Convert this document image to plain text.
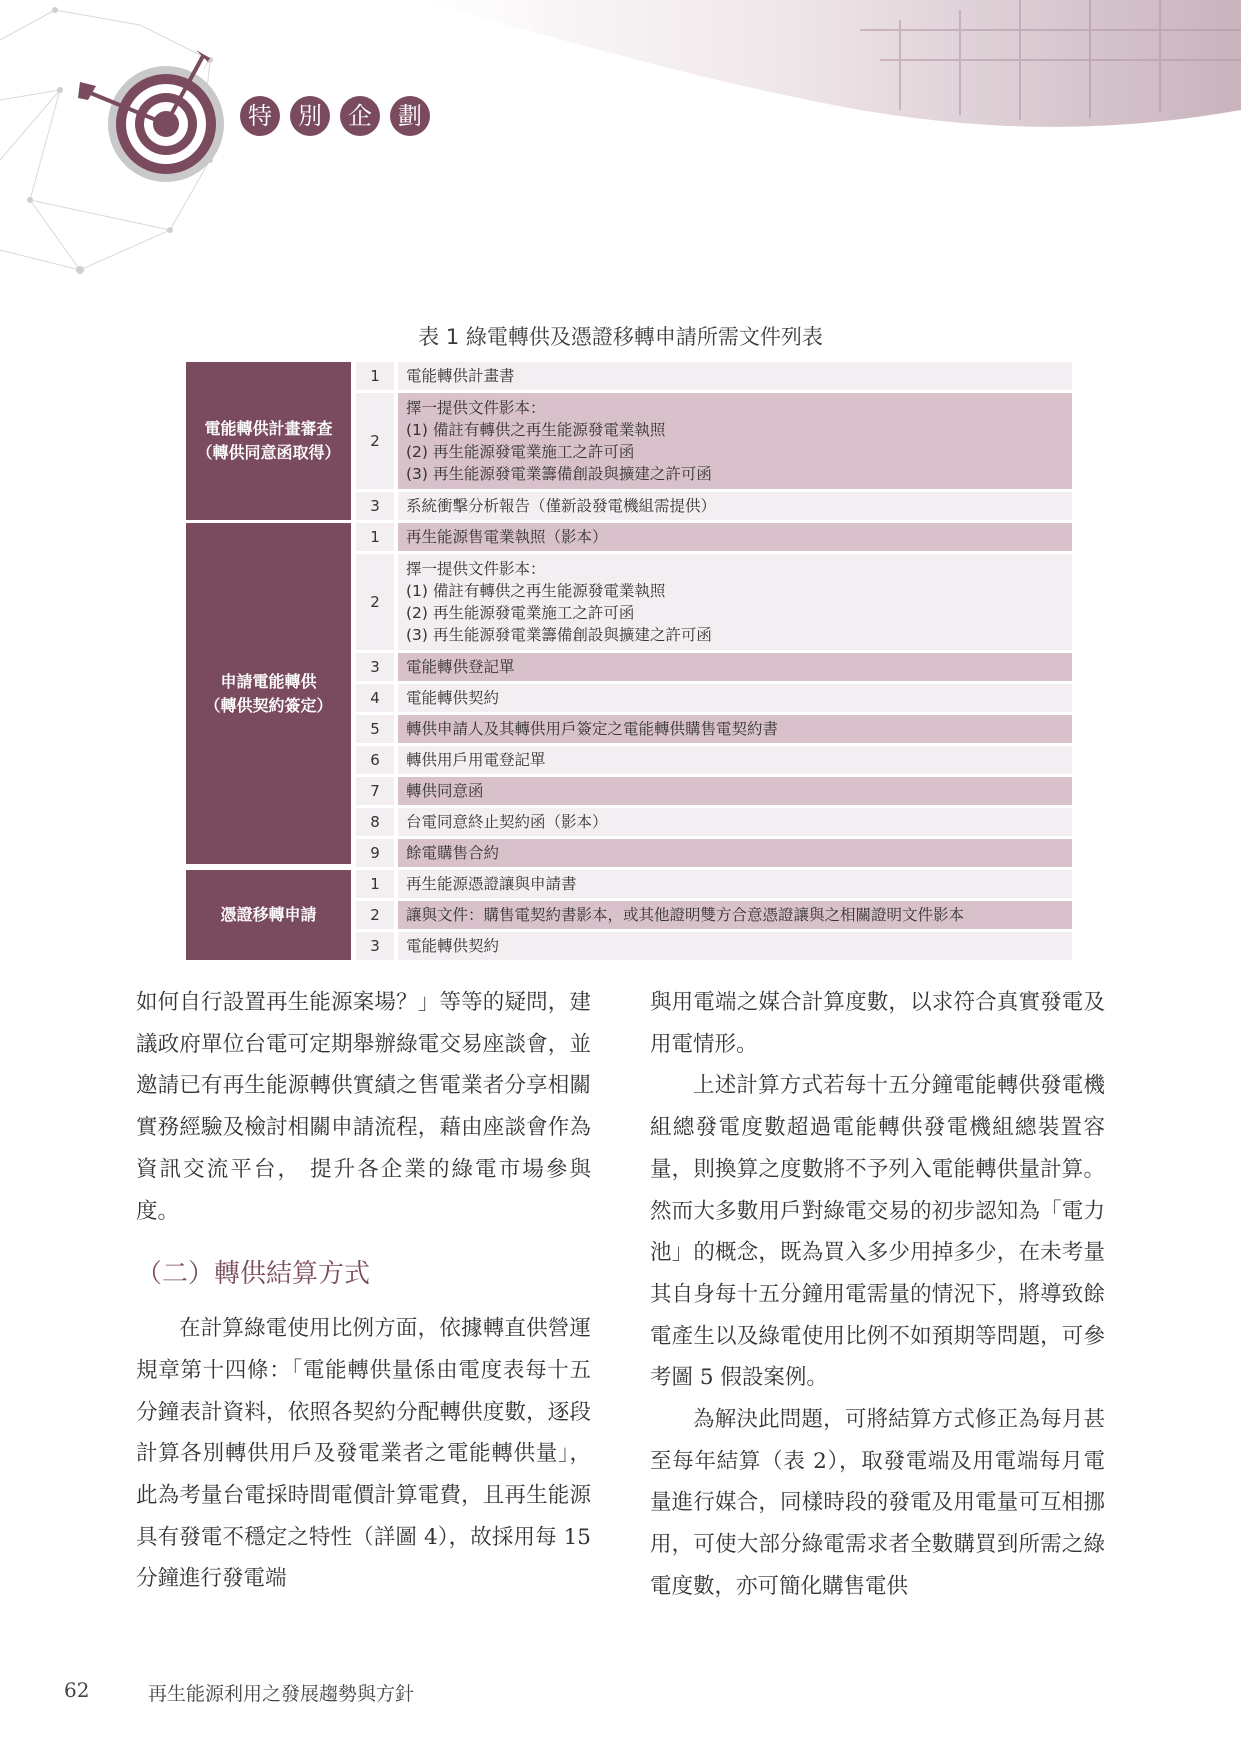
特	別	企	劃
表 1 綠電轉供及憑證移轉申請所需文件列表
電能轉供計畫審查
（轉供同意函取得）
1	電能轉供計畫書
2
擇一提供文件影本：
(1) 備註有轉供之再生能源發電業執照
(2) 再生能源發電業施工之許可函
(3) 再生能源發電業籌備創設與擴建之許可函
3	系統衝擊分析報告（僅新設發電機組需提供）
申請電能轉供
（轉供契約簽定）
1	再生能源售電業執照（影本）
2
擇一提供文件影本：
(1) 備註有轉供之再生能源發電業執照
(2) 再生能源發電業施工之許可函
(3) 再生能源發電業籌備創設與擴建之許可函
3	電能轉供登記單
4	電能轉供契約
5	轉供申請人及其轉供用戶簽定之電能轉供購售電契約書
6	轉供用戶用電登記單
7	轉供同意函
8	台電同意終止契約函（影本）
9	餘電購售合約
憑證移轉申請
1	再生能源憑證讓與申請書
2	讓與文件：購售電契約書影本，或其他證明雙方合意憑證讓與之相關證明文件影本
3	電能轉供契約

如何自行設置再生能源案場？」等等的疑問，建議政府單位台電可定期舉辦綠電交易座談會，並邀請已有再生能源轉供實績之售電業者分享相關實務經驗及檢討相關申請流程，藉由座談會作為資訊交流平台， 提升各企業的綠電市場參與度。

（二）轉供結算方式

在計算綠電使用比例方面，依據轉直供營運規章第十四條：「電能轉供量係由電度表每十五分鐘表計資料，依照各契約分配轉供度數，逐段計算各別轉供用戶及發電業者之電能轉供量」，此為考量台電採時間電價計算電費，且再生能源具有發電不穩定之特性（詳圖 4），故採用每 15 分鐘進行發電端

與用電端之媒合計算度數，以求符合真實發電及用電情形。

上述計算方式若每十五分鐘電能轉供發電機組總發電度數超過電能轉供發電機組總裝置容量，則換算之度數將不予列入電能轉供量計算。然而大多數用戶對綠電交易的初步認知為「電力池」的概念，既為買入多少用掉多少，在未考量其自身每十五分鐘用電需量的情況下，將導致餘電產生以及綠電使用比例不如預期等問題，可參考圖 5 假設案例。

為解決此問題，可將結算方式修正為每月甚至每年結算（表 2），取發電端及用電端每月電量進行媒合，同樣時段的發電及用電量可互相挪用，可使大部分綠電需求者全數購買到所需之綠電度數，亦可簡化購售電供

62	再生能源利用之發展趨勢與方針
